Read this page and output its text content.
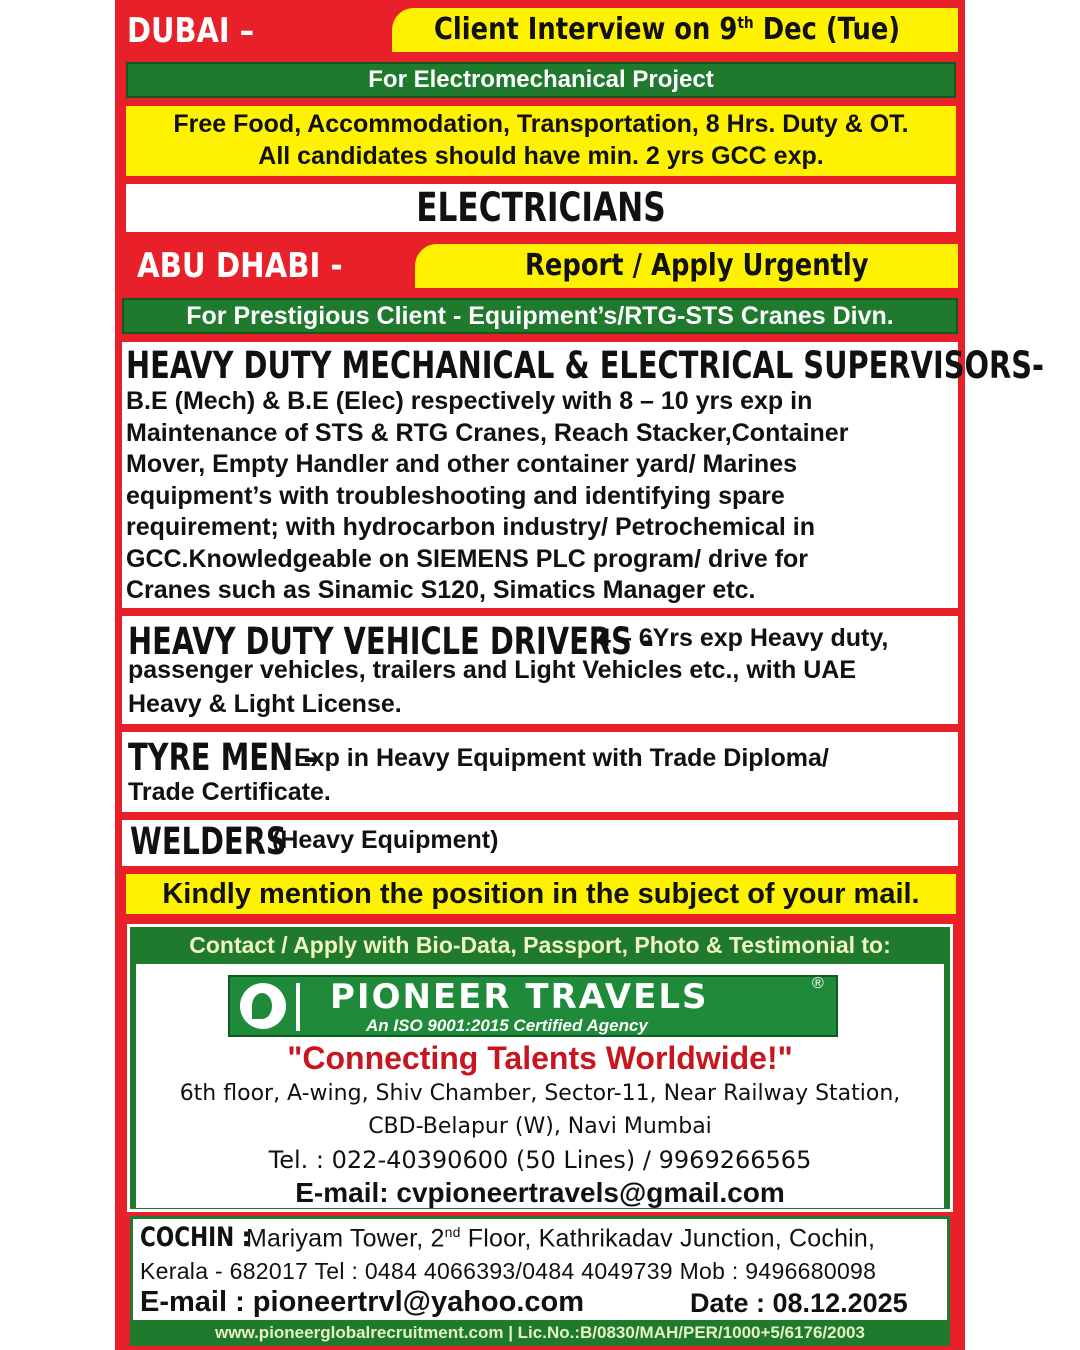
DUBAI –	Client Interview on 9th Dec (Tue)
For Electromechanical Project
Free Food, Accommodation, Transportation, 8 Hrs. Duty & OT.
All candidates should have min. 2 yrs GCC exp.
ELECTRICIANS
ABU DHABI -	Report / Apply Urgently
For Prestigious Client - Equipment’s/RTG-STS Cranes Divn.
HEAVY DUTY MECHANICAL & ELECTRICAL SUPERVISORS-
B.E (Mech) & B.E (Elec) respectively with 8 – 10 yrs exp in
Maintenance of STS & RTG Cranes, Reach Stacker,Container
Mover, Empty Handler and other container yard/ Marines
equipment’s with troubleshooting and identifying spare
requirement; with hydrocarbon industry/ Petrochemical in
GCC.Knowledgeable on SIEMENS PLC program/ drive for
Cranes such as Sinamic S120, Simatics Manager etc.
HEAVY DUTY VEHICLE DRIVERS -
4 – 6Yrs exp Heavy duty,
passenger vehicles, trailers and Light Vehicles etc., with UAE
Heavy & Light License.
TYRE MEN –
Exp in Heavy Equipment with Trade Diploma/
Trade Certificate.
WELDERS
(Heavy Equipment)
Kindly mention the position in the subject of your mail.
Contact / Apply with Bio-Data, Passport, Photo & Testimonial to:
PIONEER TRAVELS	®
An ISO 9001:2015 Certified Agency
"Connecting Talents Worldwide!"
6th floor, A-wing, Shiv Chamber, Sector-11, Near Railway Station,
CBD-Belapur (W), Navi Mumbai
Tel. : 022-40390600 (50 Lines) / 9969266565
E-mail: cvpioneertravels@gmail.com
COCHIN :
Mariyam Tower, 2nd Floor, Kathrikadav Junction, Cochin,
Kerala - 682017 Tel : 0484 4066393/0484 4049739 Mob : 9496680098
E-mail : pioneertrvl@yahoo.com	Date : 08.12.2025
www.pioneerglobalrecruitment.com | Lic.No.:B/0830/MAH/PER/1000+5/6176/2003
